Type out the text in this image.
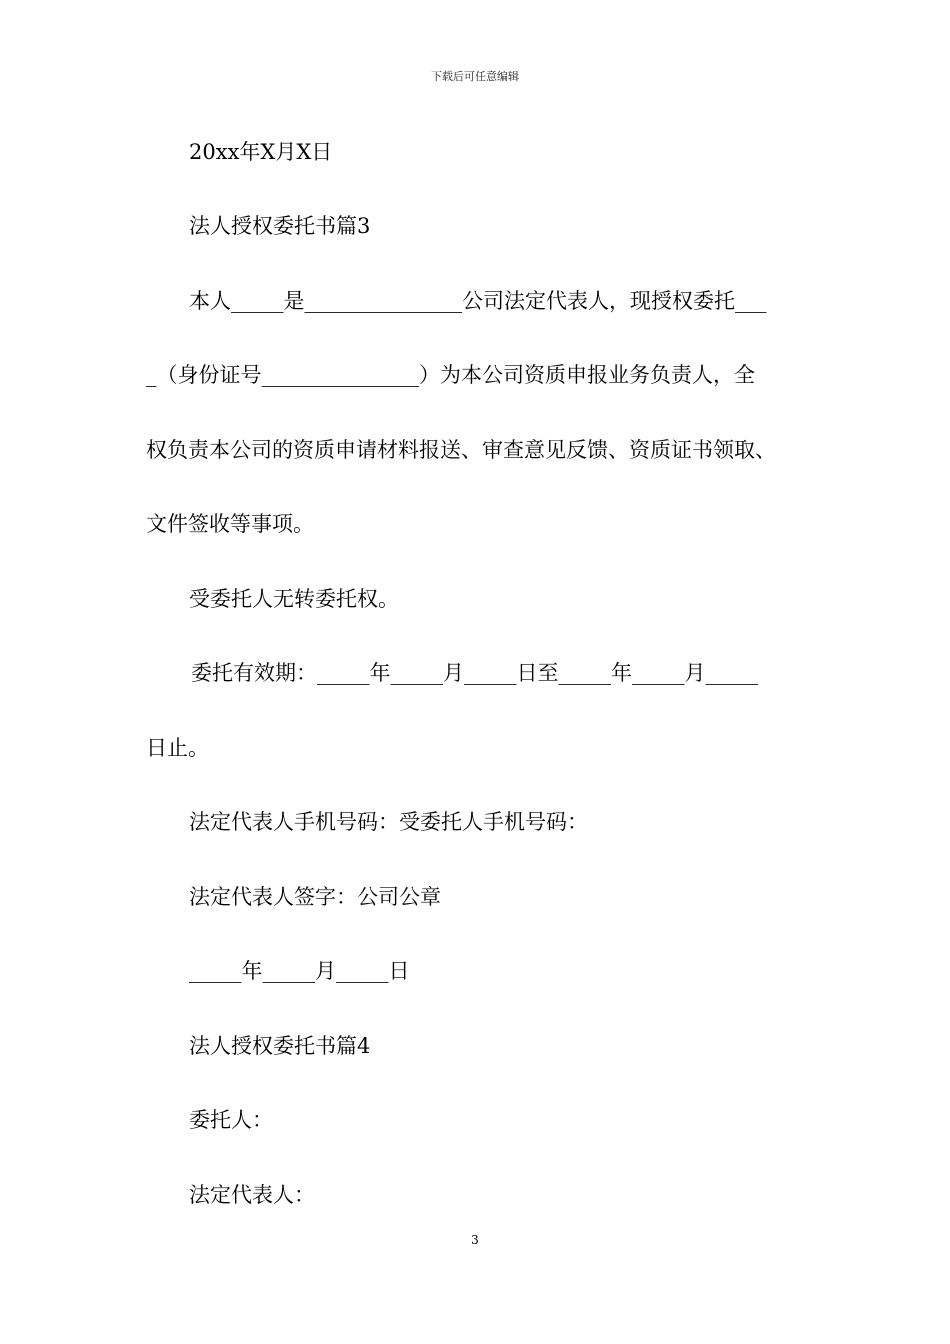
下载后可任意编辑
20xx年X月X日
法人授权委托书篇3
本人_____是_______________公司法定代表人，现授权委托___
_（身份证号_______________）为本公司资质申报业务负责人，全
权负责本公司的资质申请材料报送、审查意见反馈、资质证书领取、
文件签收等事项。
受委托人无转委托权。
委托有效期：_____年_____月_____日至_____年_____月_____
日止。
法定代表人手机号码：受委托人手机号码：
法定代表人签字：公司公章
_____年_____月_____日
法人授权委托书篇4
委托人：
法定代表人：
3
